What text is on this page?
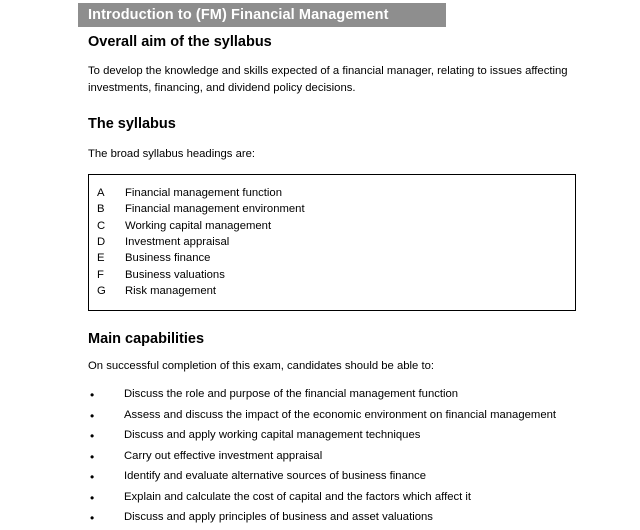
Introduction to (FM) Financial Management
Overall aim of the syllabus

To develop the knowledge and skills expected of a financial manager, relating to issues affecting investments, financing, and dividend policy decisions.

The syllabus

The broad syllabus headings are:

A	Financial management function
B	Financial management environment
C	Working capital management
D	Investment appraisal
E	Business finance
F	Business valuations
G	Risk management
Main capabilities

On successful completion of this exam, candidates should be able to:

•	Discuss the role and purpose of the financial management function
•	Assess and discuss the impact of the economic environment on financial management
•	Discuss and apply working capital management techniques
•	Carry out effective investment appraisal
•	Identify and evaluate alternative sources of business finance
•	Explain and calculate the cost of capital and the factors which affect it
•	Discuss and apply principles of business and asset valuations
